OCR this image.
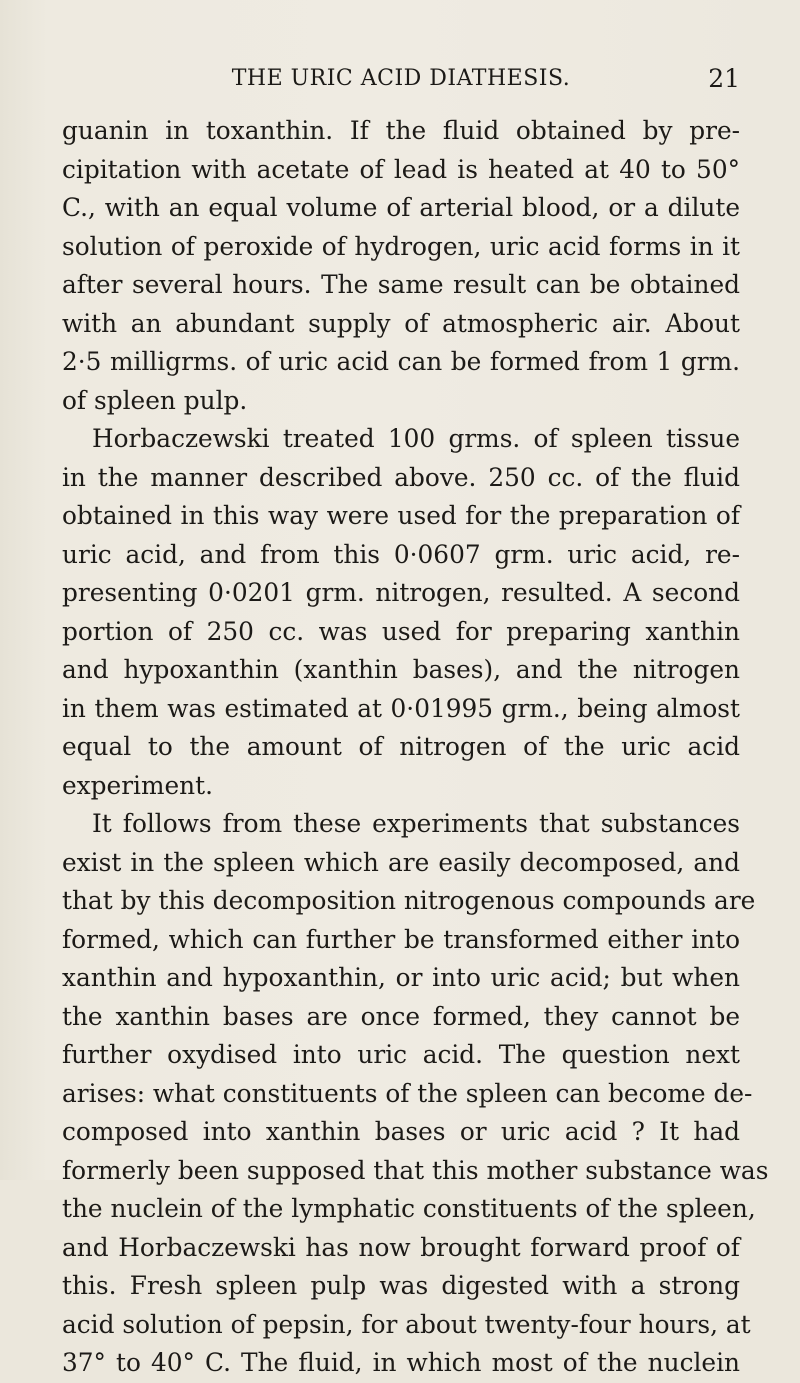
THE URIC ACID DIATHESIS.	21
guanin in toxanthin. If the fluid obtained by pre-
cipitation with acetate of lead is heated at 40 to 50°
C., with an equal volume of arterial blood, or a dilute
solution of peroxide of hydrogen, uric acid forms in it
after several hours. The same result can be obtained
with an abundant supply of atmospheric air. About
2·5 milligrms. of uric acid can be formed from 1 grm.
of spleen pulp.
Horbaczewski treated 100 grms. of spleen tissue
in the manner described above. 250 cc. of the fluid
obtained in this way were used for the preparation of
uric acid, and from this 0·0607 grm. uric acid, re-
presenting 0·0201 grm. nitrogen, resulted. A second
portion of 250 cc. was used for preparing xanthin
and hypoxanthin (xanthin bases), and the nitrogen
in them was estimated at 0·01995 grm., being almost
equal to the amount of nitrogen of the uric acid
experiment.
It follows from these experiments that substances
exist in the spleen which are easily decomposed, and
that by this decomposition nitrogenous compounds are
formed, which can further be transformed either into
xanthin and hypoxanthin, or into uric acid; but when
the xanthin bases are once formed, they cannot be
further oxydised into uric acid. The question next
arises: what constituents of the spleen can become de-
composed into xanthin bases or uric acid ? It had
formerly been supposed that this mother substance was
the nuclein of the lymphatic constituents of the spleen,
and Horbaczewski has now brought forward proof of
this. Fresh spleen pulp was digested with a strong
acid solution of pepsin, for about twenty-four hours, at
37° to 40° C. The fluid, in which most of the nuclein
